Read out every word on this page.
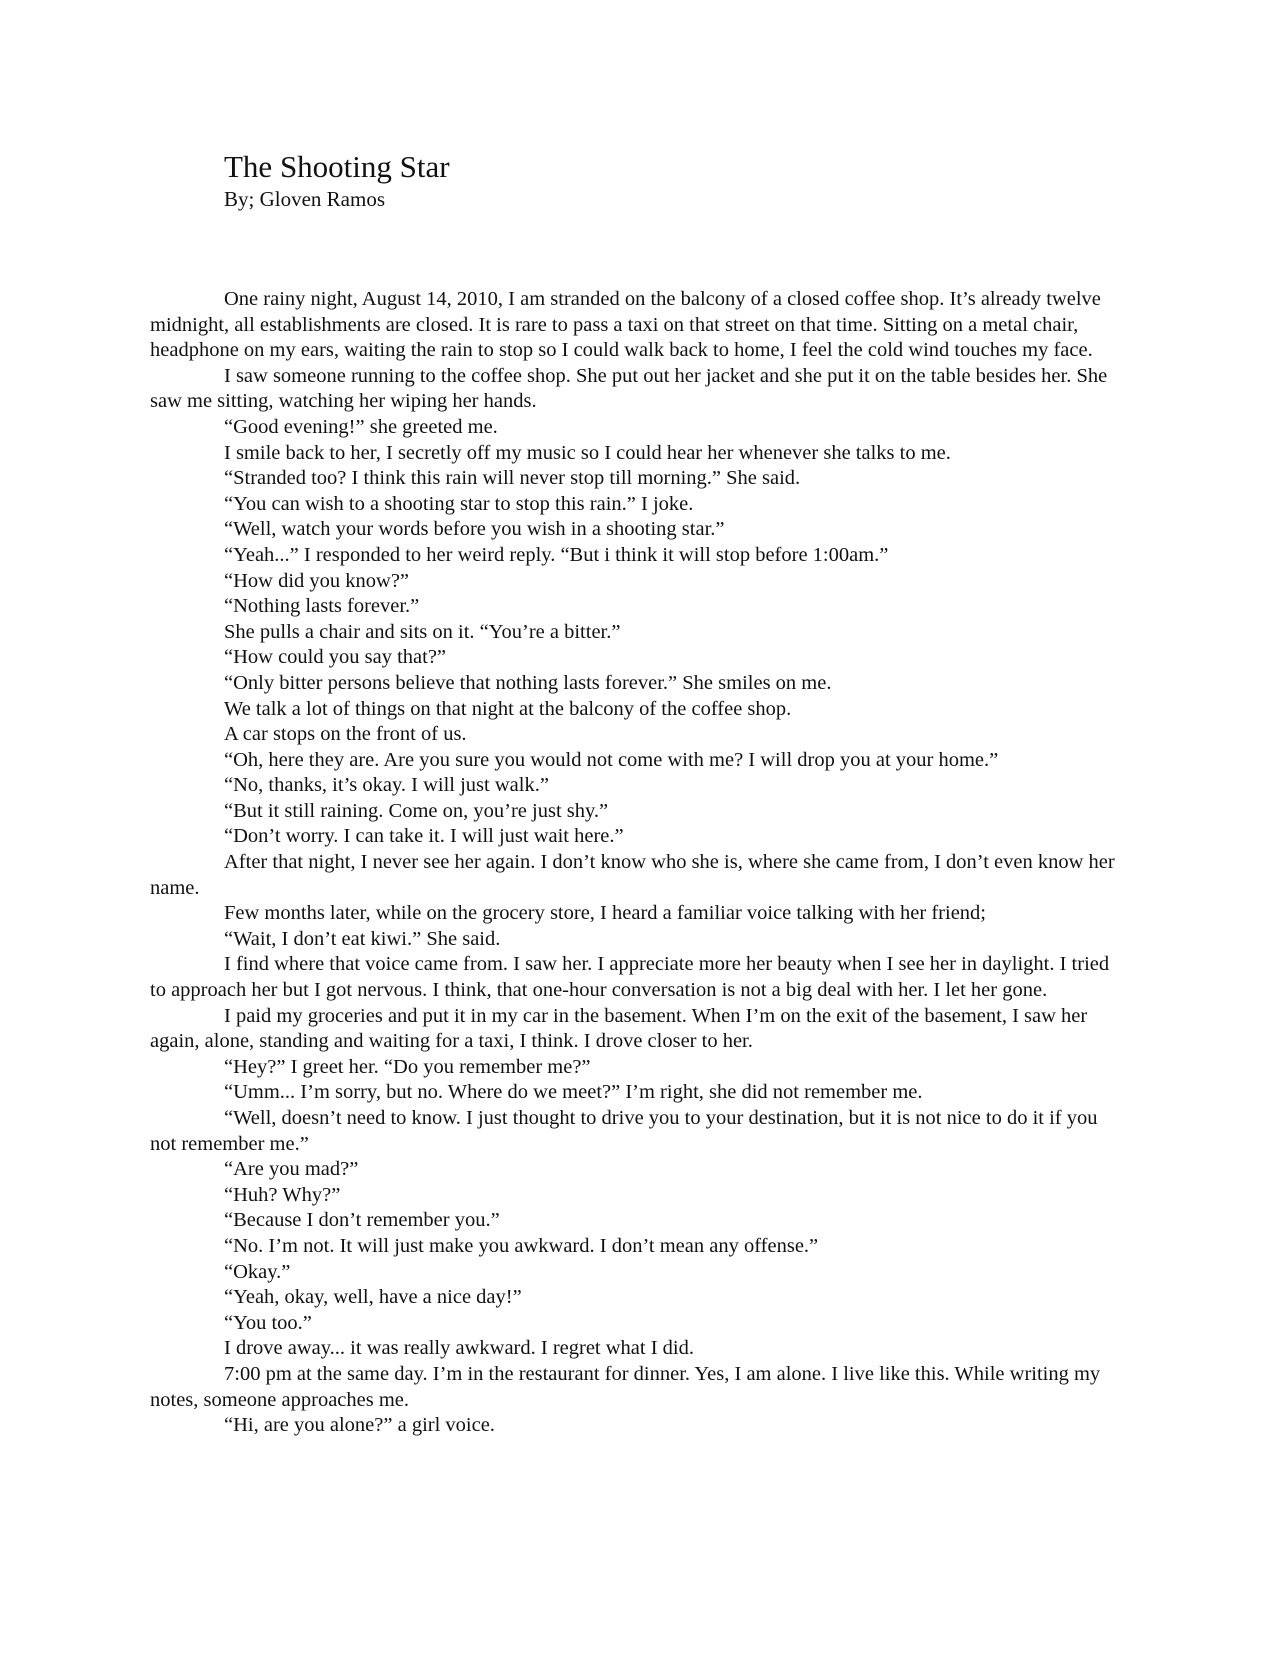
The Shooting Star

By; Gloven Ramos

One rainy night, August 14, 2010, I am stranded on the balcony of a closed coffee shop. It’s already twelve midnight, all establishments are closed. It is rare to pass a taxi on that street on that time. Sitting on a metal chair, headphone on my ears, waiting the rain to stop so I could walk back to home, I feel the cold wind touches my face.

I saw someone running to the coffee shop. She put out her jacket and she put it on the table besides her. She saw me sitting, watching her wiping her hands.

“Good evening!” she greeted me.

I smile back to her, I secretly off my music so I could hear her whenever she talks to me.

“Stranded too? I think this rain will never stop till morning.” She said.

“You can wish to a shooting star to stop this rain.” I joke.

“Well, watch your words before you wish in a shooting star.”

“Yeah...” I responded to her weird reply. “But i think it will stop before 1:00am.”

“How did you know?”

“Nothing lasts forever.”

She pulls a chair and sits on it. “You’re a bitter.”

“How could you say that?”

“Only bitter persons believe that nothing lasts forever.” She smiles on me.

We talk a lot of things on that night at the balcony of the coffee shop.

A car stops on the front of us.

“Oh, here they are. Are you sure you would not come with me? I will drop you at your home.”

“No, thanks, it’s okay. I will just walk.”

“But it still raining. Come on, you’re just shy.”

“Don’t worry. I can take it. I will just wait here.”

After that night, I never see her again. I don’t know who she is, where she came from, I don’t even know her name.

Few months later, while on the grocery store, I heard a familiar voice talking with her friend;

“Wait, I don’t eat kiwi.” She said.

I find where that voice came from. I saw her. I appreciate more her beauty when I see her in daylight. I tried to approach her but I got nervous. I think, that one-hour conversation is not a big deal with her. I let her gone.

I paid my groceries and put it in my car in the basement. When I’m on the exit of the basement, I saw her again, alone, standing and waiting for a taxi, I think. I drove closer to her.

“Hey?” I greet her. “Do you remember me?”

“Umm... I’m sorry, but no. Where do we meet?” I’m right, she did not remember me.

“Well, doesn’t need to know. I just thought to drive you to your destination, but it is not nice to do it if you not remember me.”

“Are you mad?”

“Huh? Why?”

“Because I don’t remember you.”

“No. I’m not. It will just make you awkward. I don’t mean any offense.”

“Okay.”

“Yeah, okay, well, have a nice day!”

“You too.”

I drove away... it was really awkward. I regret what I did.

7:00 pm at the same day. I’m in the restaurant for dinner. Yes, I am alone. I live like this. While writing my notes, someone approaches me.

“Hi, are you alone?” a girl voice.
